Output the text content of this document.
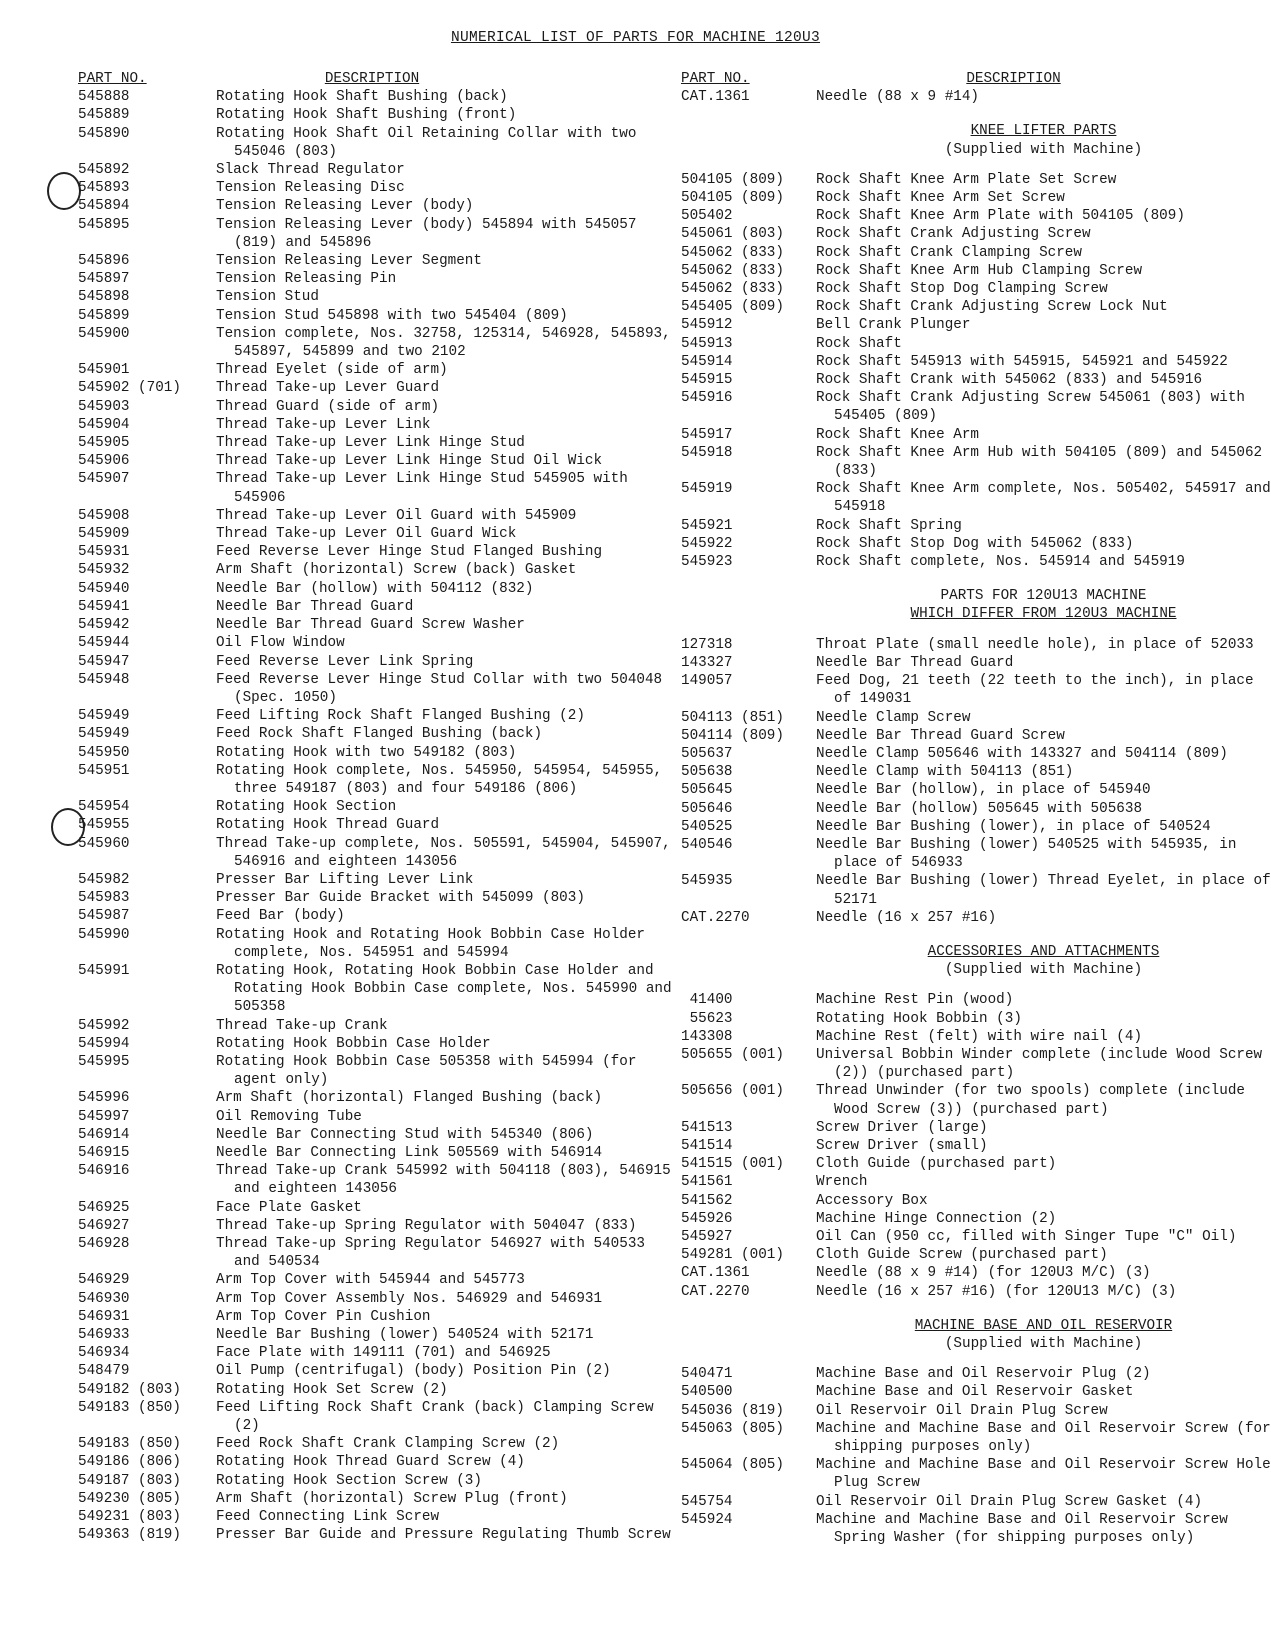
NUMERICAL LIST OF PARTS FOR MACHINE 120U3
PART NO.	DESCRIPTION
545888	Rotating Hook Shaft Bushing (back)
545889	Rotating Hook Shaft Bushing (front)
545890	Rotating Hook Shaft Oil Retaining Collar with two 545046 (803)
545892	Slack Thread Regulator
545893	Tension Releasing Disc
545894	Tension Releasing Lever (body)
545895	Tension Releasing Lever (body) 545894 with 545057 (819) and 545896
545896	Tension Releasing Lever Segment
545897	Tension Releasing Pin
545898	Tension Stud
545899	Tension Stud 545898 with two 545404 (809)
545900	Tension complete, Nos. 32758, 125314, 546928, 545893, 545897, 545899 and two 2102
545901	Thread Eyelet (side of arm)
545902 (701)	Thread Take-up Lever Guard
545903	Thread Guard (side of arm)
545904	Thread Take-up Lever Link
545905	Thread Take-up Lever Link Hinge Stud
545906	Thread Take-up Lever Link Hinge Stud Oil Wick
545907	Thread Take-up Lever Link Hinge Stud 545905 with 545906
545908	Thread Take-up Lever Oil Guard with 545909
545909	Thread Take-up Lever Oil Guard Wick
545931	Feed Reverse Lever Hinge Stud Flanged Bushing
545932	Arm Shaft (horizontal) Screw (back) Gasket
545940	Needle Bar (hollow) with 504112 (832)
545941	Needle Bar Thread Guard
545942	Needle Bar Thread Guard Screw Washer
545944	Oil Flow Window
545947	Feed Reverse Lever Link Spring
545948	Feed Reverse Lever Hinge Stud Collar with two 504048 (Spec. 1050)
545949	Feed Lifting Rock Shaft Flanged Bushing (2)
545949	Feed Rock Shaft Flanged Bushing (back)
545950	Rotating Hook with two 549182 (803)
545951	Rotating Hook complete, Nos. 545950, 545954, 545955, three 549187 (803) and four 549186 (806)
545954	Rotating Hook Section
545955	Rotating Hook Thread Guard
545960	Thread Take-up complete, Nos. 505591, 545904, 545907, 546916 and eighteen 143056
545982	Presser Bar Lifting Lever Link
545983	Presser Bar Guide Bracket with 545099 (803)
545987	Feed Bar (body)
545990	Rotating Hook and Rotating Hook Bobbin Case Holder complete, Nos. 545951 and 545994
545991	Rotating Hook, Rotating Hook Bobbin Case Holder and Rotating Hook Bobbin Case complete, Nos. 545990 and 505358
545992	Thread Take-up Crank
545994	Rotating Hook Bobbin Case Holder
545995	Rotating Hook Bobbin Case 505358 with 545994 (for agent only)
545996	Arm Shaft (horizontal) Flanged Bushing (back)
545997	Oil Removing Tube
546914	Needle Bar Connecting Stud with 545340 (806)
546915	Needle Bar Connecting Link 505569 with 546914
546916	Thread Take-up Crank 545992 with 504118 (803), 546915 and eighteen 143056
546925	Face Plate Gasket
546927	Thread Take-up Spring Regulator with 504047 (833)
546928	Thread Take-up Spring Regulator 546927 with 540533 and 540534
546929	Arm Top Cover with 545944 and 545773
546930	Arm Top Cover Assembly Nos. 546929 and 546931
546931	Arm Top Cover Pin Cushion
546933	Needle Bar Bushing (lower) 540524 with 52171
546934	Face Plate with 149111 (701) and 546925
548479	Oil Pump (centrifugal) (body) Position Pin (2)
549182 (803)	Rotating Hook Set Screw (2)
549183 (850)	Feed Lifting Rock Shaft Crank (back) Clamping Screw (2)
549183 (850)	Feed Rock Shaft Crank Clamping Screw (2)
549186 (806)	Rotating Hook Thread Guard Screw (4)
549187 (803)	Rotating Hook Section Screw (3)
549230 (805)	Arm Shaft (horizontal) Screw Plug (front)
549231 (803)	Feed Connecting Link Screw
549363 (819)	Presser Bar Guide and Pressure Regulating Thumb Screw
PART NO.	DESCRIPTION
CAT.1361	Needle (88 x 9 #14)
KNEE LIFTER PARTS
(Supplied with Machine)
504105 (809)	Rock Shaft Knee Arm Plate Set Screw
504105 (809)	Rock Shaft Knee Arm Set Screw
505402	Rock Shaft Knee Arm Plate with 504105 (809)
545061 (803)	Rock Shaft Crank Adjusting Screw
545062 (833)	Rock Shaft Crank Clamping Screw
545062 (833)	Rock Shaft Knee Arm Hub Clamping Screw
545062 (833)	Rock Shaft Stop Dog Clamping Screw
545405 (809)	Rock Shaft Crank Adjusting Screw Lock Nut
545912	Bell Crank Plunger
545913	Rock Shaft
545914	Rock Shaft 545913 with 545915, 545921 and 545922
545915	Rock Shaft Crank with 545062 (833) and 545916
545916	Rock Shaft Crank Adjusting Screw 545061 (803) with 545405 (809)
545917	Rock Shaft Knee Arm
545918	Rock Shaft Knee Arm Hub with 504105 (809) and 545062 (833)
545919	Rock Shaft Knee Arm complete, Nos. 505402, 545917 and 545918
545921	Rock Shaft Spring
545922	Rock Shaft Stop Dog with 545062 (833)
545923	Rock Shaft complete, Nos. 545914 and 545919
PARTS FOR 120U13 MACHINE
WHICH DIFFER FROM 120U3 MACHINE
127318	Throat Plate (small needle hole), in place of 52033
143327	Needle Bar Thread Guard
149057	Feed Dog, 21 teeth (22 teeth to the inch), in place of 149031
504113 (851)	Needle Clamp Screw
504114 (809)	Needle Bar Thread Guard Screw
505637	Needle Clamp 505646 with 143327 and 504114 (809)
505638	Needle Clamp with 504113 (851)
505645	Needle Bar (hollow), in place of 545940
505646	Needle Bar (hollow) 505645 with 505638
540525	Needle Bar Bushing (lower), in place of 540524
540546	Needle Bar Bushing (lower) 540525 with 545935, in place of 546933
545935	Needle Bar Bushing (lower) Thread Eyelet, in place of 52171
CAT.2270	Needle (16 x 257 #16)
ACCESSORIES AND ATTACHMENTS
(Supplied with Machine)
41400	Machine Rest Pin (wood)
55623	Rotating Hook Bobbin (3)
143308	Machine Rest (felt) with wire nail (4)
505655 (001)	Universal Bobbin Winder complete (include Wood Screw (2)) (purchased part)
505656 (001)	Thread Unwinder (for two spools) complete (include Wood Screw (3)) (purchased part)
541513	Screw Driver (large)
541514	Screw Driver (small)
541515 (001)	Cloth Guide (purchased part)
541561	Wrench
541562	Accessory Box
545926	Machine Hinge Connection (2)
545927	Oil Can (950 cc, filled with Singer Tupe "C" Oil)
549281 (001)	Cloth Guide Screw (purchased part)
CAT.1361	Needle (88 x 9 #14) (for 120U3 M/C) (3)
CAT.2270	Needle (16 x 257 #16) (for 120U13 M/C) (3)
MACHINE BASE AND OIL RESERVOIR
(Supplied with Machine)
540471	Machine Base and Oil Reservoir Plug (2)
540500	Machine Base and Oil Reservoir Gasket
545036 (819)	Oil Reservoir Oil Drain Plug Screw
545063 (805)	Machine and Machine Base and Oil Reservoir Screw (for shipping purposes only)
545064 (805)	Machine and Machine Base and Oil Reservoir Screw Hole Plug Screw
545754	Oil Reservoir Oil Drain Plug Screw Gasket (4)
545924	Machine and Machine Base and Oil Reservoir Screw Spring Washer (for shipping purposes only)
